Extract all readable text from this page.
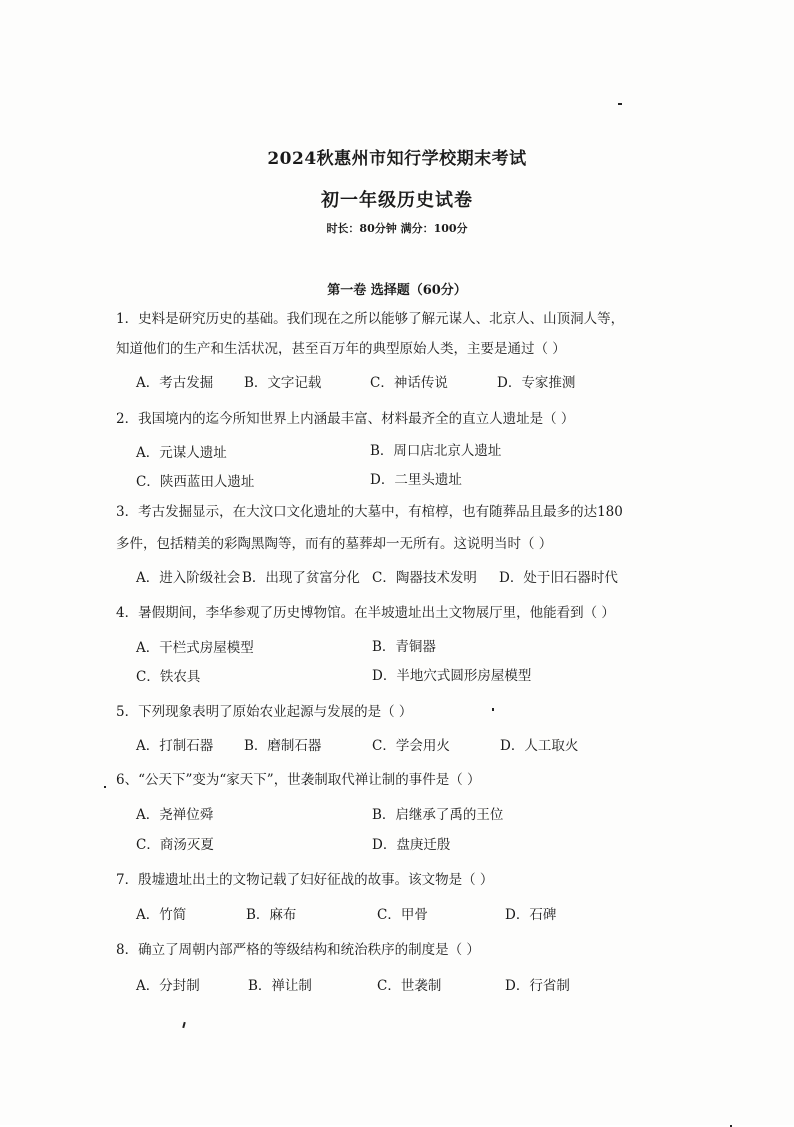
2024秋惠州市知行学校期末考试
初一年级历史试卷
时长：80分钟 满分：100分
第一卷 选择题（60分）
1．史料是研究历史的基础。我们现在之所以能够了解元谋人、北京人、山顶洞人等，
知道他们的生产和生活状况，甚至百万年的典型原始人类，主要是通过（ ）
A．考古发掘 B．文字记载	C．神话传说	D．专家推测
2．我国境内的迄今所知世界上内涵最丰富、材料最齐全的直立人遗址是（ ）
A．元谋人遗址	B．周口店北京人遗址
C．陕西蓝田人遗址	D．二里头遗址
3．考古发掘显示，在大汶口文化遗址的大墓中，有棺椁，也有随葬品且最多的达180
多件，包括精美的彩陶黑陶等，而有的墓葬却一无所有。这说明当时（ ）
A．进入阶级社会 B．出现了贫富分化 C．陶器技术发明 D．处于旧石器时代
4．暑假期间，李华参观了历史博物馆。在半坡遗址出土文物展厅里，他能看到（ ）
A．干栏式房屋模型	B．青铜器
C．铁农具	D．半地穴式圆形房屋模型
5．下列现象表明了原始农业起源与发展的是（ ）
A．打制石器 B．磨制石器	C．学会用火	D．人工取火
6、“公天下”变为“家天下”，世袭制取代禅让制的事件是（ ）
A．尧禅位舜	B．启继承了禹的王位
C．商汤灭夏	D．盘庚迁殷
7．殷墟遗址出土的文物记载了妇好征战的故事。该文物是（ ）
A．竹简	B．麻布	C．甲骨	D．石碑
8．确立了周朝内部严格的等级结构和统治秩序的制度是（ ）
A．分封制	B．禅让制	C．世袭制	D．行省制
